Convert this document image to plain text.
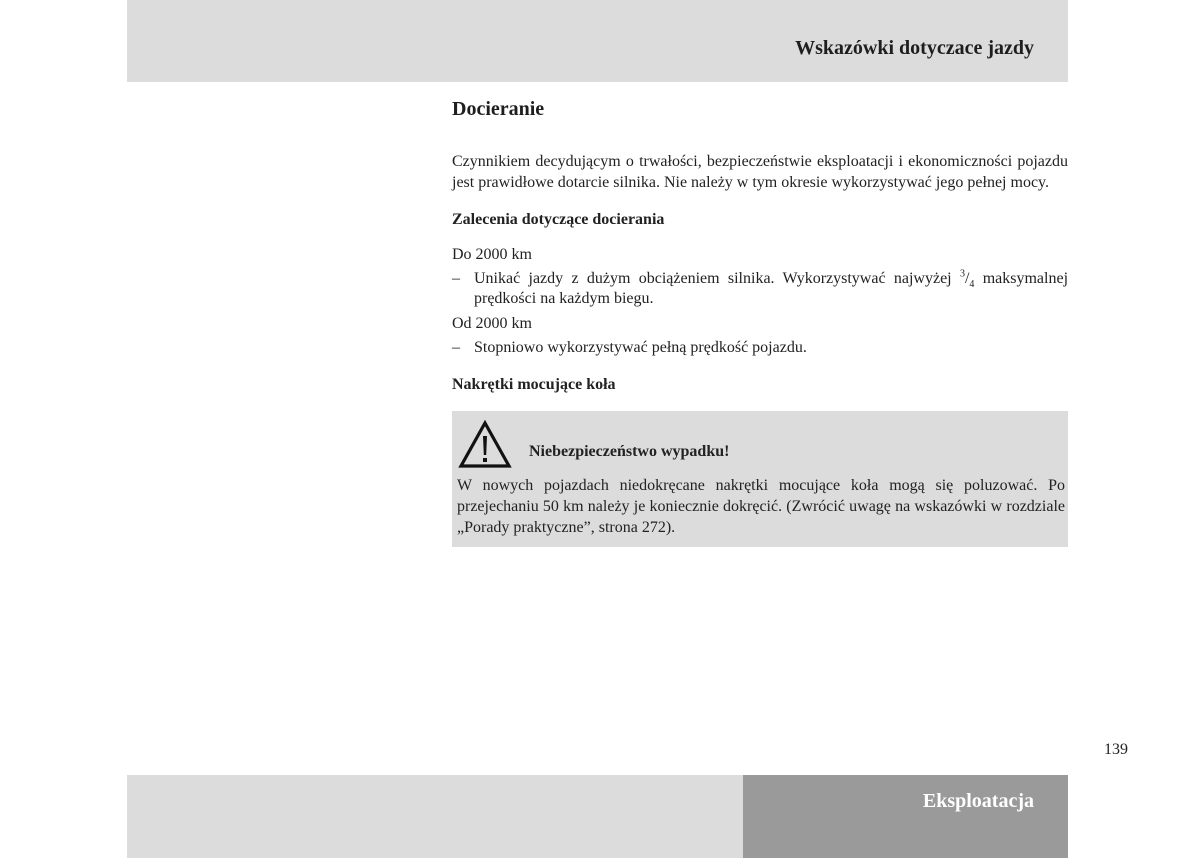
Wskazówki dotyczace jazdy
Docieranie

Czynnikiem decydującym o trwałości, bezpieczeństwie eksploatacji i ekonomiczności pojazdu jest prawidłowe dotarcie silnika. Nie należy w tym okresie wykorzystywać jego pełnej mocy.

Zalecenia dotyczące docierania

Do 2000 km

– Unikać jazdy z dużym obciążeniem silnika. Wykorzystywać najwyżej $^3/_4$ maksymalnej prędkości na każdym biegu.

Od 2000 km

– Stopniowo wykorzystywać pełną prędkość pojazdu.

Nakrętki mocujące koła

Niebezpieczeństwo wypadku!
W nowych pojazdach niedokręcane nakrętki mocujące koła mogą się poluzować. Po przejechaniu 50 km należy je koniecznie dokręcić. (Zwrócić uwagę na wskazówki w rozdziale „Porady praktyczne”, strona 272).
139
Eksploatacja
